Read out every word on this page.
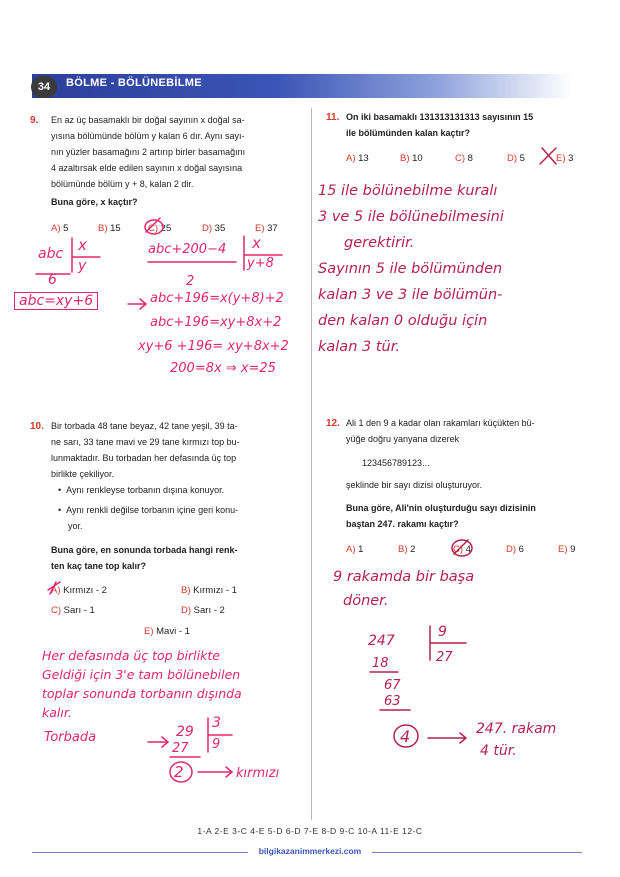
34	BÖLME - BÖLÜNEBİLME
9. En az üç basamaklı bir doğal sayının x doğal sa-
yısına bölümünde bölüm y kalan 6 dır. Aynı sayı-
nın yüzler basamağını 2 artırıp birler basamağını
4 azaltırsak elde edilen sayının x doğal sayısına
bölümünde bölüm y + 8, kalan 2 dir.
Buna göre, x kaçtır?
A) 5	B) 15	C) 25	D) 35	E) 37
abc x
y
6
abc+200−4 x
y+8
2
abc=xy+6	abc+196=x(y+8)+2
abc+196=xy+8x+2
xy+6 +196= xy+8x+2
200=8x ⇒ x=25
10. Bir torbada 48 tane beyaz, 42 tane yeşil, 39 ta-
ne sarı, 33 tane mavi ve 29 tane kırmızı top bu-
lunmaktadır. Bu torbadan her defasında üç top
birlikte çekiliyor.
•  Aynı renkleyse torbanın dışına konuyor.
•  Aynı renkli değilse torbanın içine geri konu-
yor.
Buna göre, en sonunda torbada hangi renk-
ten kaç tane top kalır?
A) Kırmızı - 2	B) Kırmızı - 1
C) Sarı - 1	D) Sarı - 2
E) Mavi - 1
Her defasında üç top birlikte
Geldiği için 3'e tam bölünebilen
toplar sonunda torbanın dışında
kalır.
Torbada	29
3
27 9
2	kırmızı
11. On iki basamaklı 131313131313 sayısının 15
ile bölümünden kalan kaçtır?
A) 13	B) 10	C) 8	D) 5	E) 3
15 ile bölünebilme kuralı
3 ve 5 ile bölünebilmesini
gerektirir.
Sayının 5 ile bölümünden
kalan 3 ve 3 ile bölümün-
den kalan 0 olduğu için
kalan 3 tür.
12. Ali 1 den 9 a kadar olan rakamları küçükten bü-
yüğe doğru yanyana dizerek
123456789123...
şeklinde bir sayı dizisi oluşturuyor.
Buna göre, Ali'nin oluşturduğu sayı dizisinin
baştan 247. rakamı kaçtır?
A) 1	B) 2	C) 4	D) 6	E) 9
9 rakamda bir başa
döner.
247
9
27
18
67
63
4	247. rakam
4 tür.
1-A 2-E 3-C 4-E 5-D 6-D 7-E 8-D 9-C 10-A 11-E 12-C
bilgikazanimmerkezi.com
